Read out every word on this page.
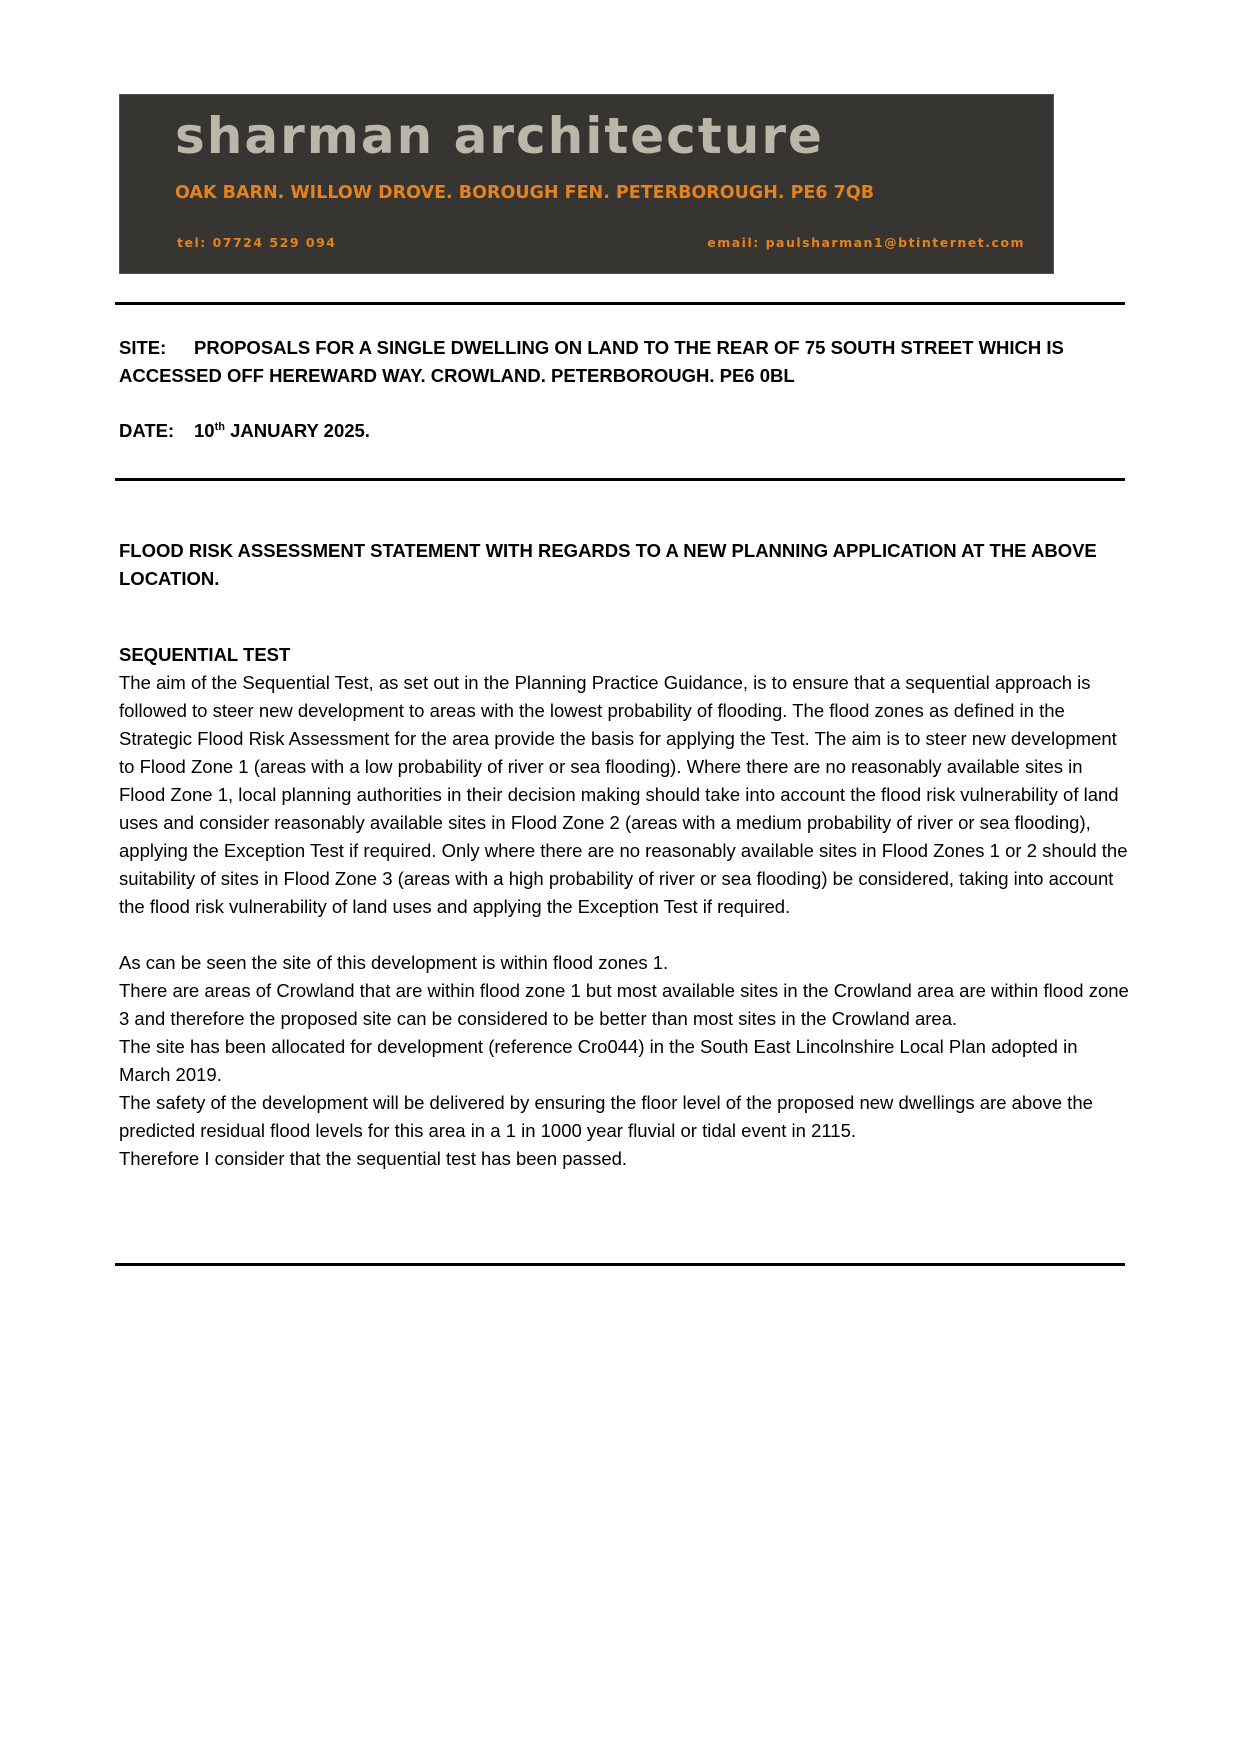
sharman architecture
OAK BARN. WILLOW DROVE. BOROUGH FEN. PETERBOROUGH. PE6 7QB
tel: 07724 529 094	email: paulsharman1@btinternet.com
SITE: PROPOSALS FOR A SINGLE DWELLING ON LAND TO THE REAR OF 75 SOUTH STREET WHICH IS ACCESSED OFF HEREWARD WAY. CROWLAND. PETERBOROUGH. PE6 0BL
DATE: 10th JANUARY 2025.
FLOOD RISK ASSESSMENT STATEMENT WITH REGARDS TO A NEW PLANNING APPLICATION AT THE ABOVE LOCATION.

SEQUENTIAL TEST

The aim of the Sequential Test, as set out in the Planning Practice Guidance, is to ensure that a sequential approach is followed to steer new development to areas with the lowest probability of flooding. The flood zones as defined in the Strategic Flood Risk Assessment for the area provide the basis for applying the Test. The aim is to steer new development to Flood Zone 1 (areas with a low probability of river or sea flooding). Where there are no reasonably available sites in Flood Zone 1, local planning authorities in their decision making should take into account the flood risk vulnerability of land uses and consider reasonably available sites in Flood Zone 2 (areas with a medium probability of river or sea flooding), applying the Exception Test if required. Only where there are no reasonably available sites in Flood Zones 1 or 2 should the suitability of sites in Flood Zone 3 (areas with a high probability of river or sea flooding) be considered, taking into account the flood risk vulnerability of land uses and applying the Exception Test if required.

As can be seen the site of this development is within flood zones 1.

There are areas of Crowland that are within flood zone 1 but most available sites in the Crowland area are within flood zone 3 and therefore the proposed site can be considered to be better than most sites in the Crowland area.

The site has been allocated for development (reference Cro044) in the South East Lincolnshire Local Plan adopted in March 2019.

The safety of the development will be delivered by ensuring the floor level of the proposed new dwellings are above the predicted residual flood levels for this area in a 1 in 1000 year fluvial or tidal event in 2115.

Therefore I consider that the sequential test has been passed.
